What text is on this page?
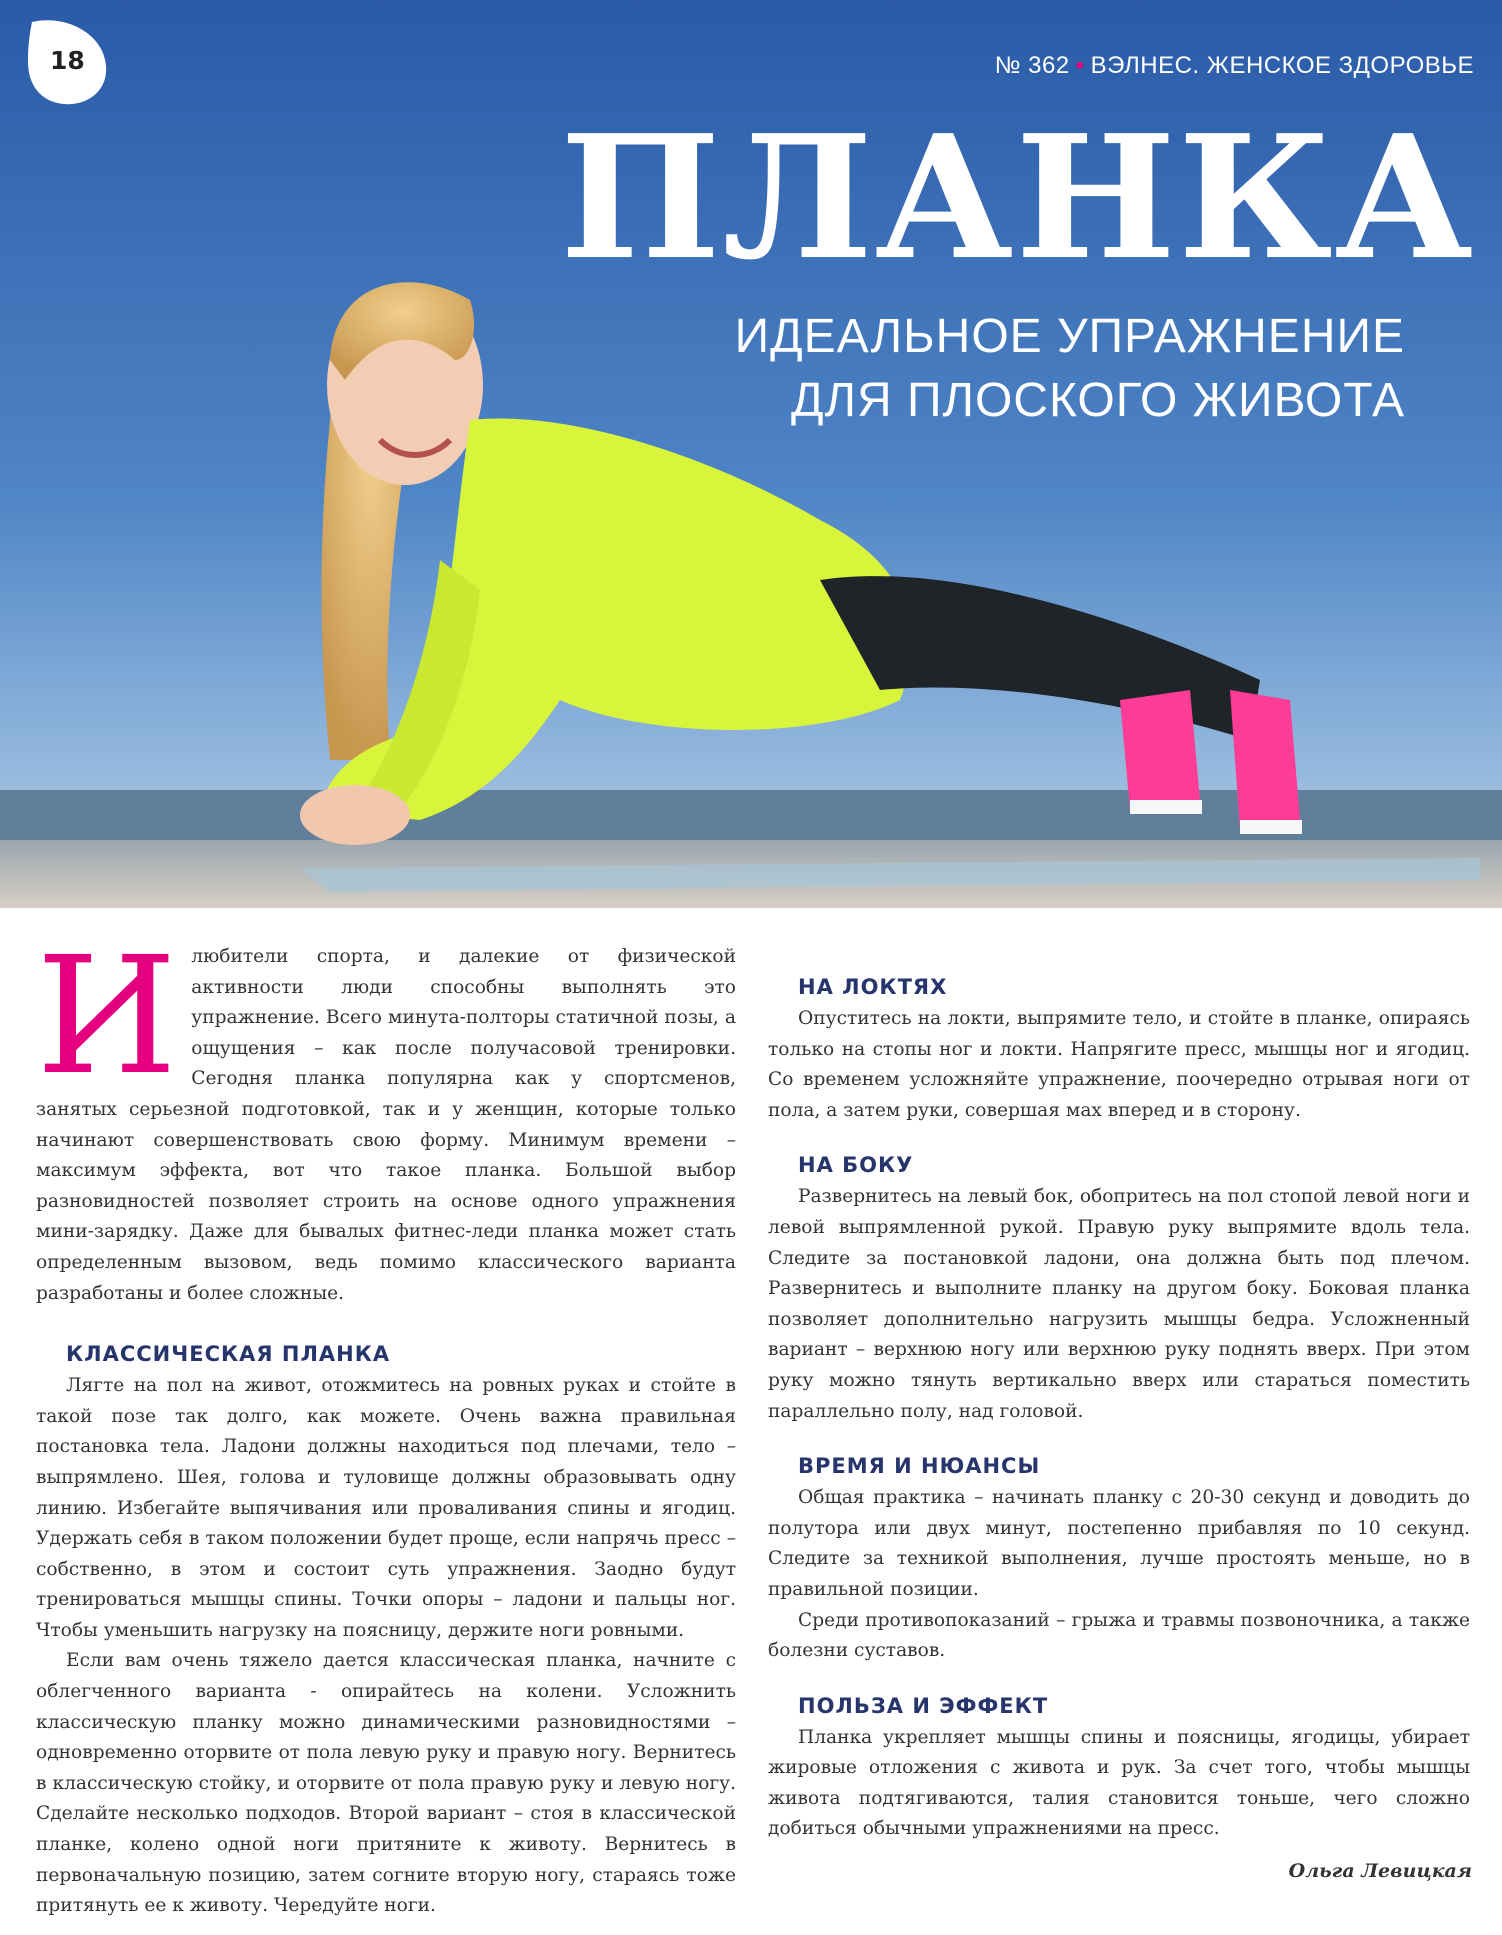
18	№ 362 • ВЭЛНЕС. ЖЕНСКОЕ ЗДОРОВЬЕ
ПЛАНКА
ИДЕАЛЬНОЕ УПРАЖНЕНИЕ
ДЛЯ ПЛОСКОГО ЖИВОТА
И любители спорта, и далекие от физической активности люди способны выполнять это упражнение. Всего минута-полторы статичной позы, а ощущения – как после получасовой тренировки. Сегодня планка популярна как у спортсменов, занятых серьезной подготовкой, так и у женщин, которые только начинают совершенствовать свою форму. Минимум времени – максимум эффекта, вот что такое планка. Большой выбор разновидностей позволяет строить на основе одного упражнения мини-зарядку. Даже для бывалых фитнес-леди планка может стать определенным вызовом, ведь помимо классического варианта разработаны и более сложные.

КЛАССИЧЕСКАЯ ПЛАНКА

Лягте на пол на живот, отожмитесь на ровных руках и стойте в такой позе так долго, как можете. Очень важна правильная постановка тела. Ладони должны находиться под плечами, тело – выпрямлено. Шея, голова и туловище должны образовывать одну линию. Избегайте выпячивания или проваливания спины и ягодиц. Удержать себя в таком положении будет проще, если напрячь пресс – собственно, в этом и состоит суть упражнения. Заодно будут тренироваться мышцы спины. Точки опоры – ладони и пальцы ног. Чтобы уменьшить нагрузку на поясницу, держите ноги ровными.

Если вам очень тяжело дается классическая планка, начните с облегченного варианта - опирайтесь на колени. Усложнить классическую планку можно динамическими разновидностями – одновременно оторвите от пола левую руку и правую ногу. Вернитесь в классическую стойку, и оторвите от пола правую руку и левую ногу. Сделайте несколько подходов. Второй вариант – стоя в классической планке, колено одной ноги притяните к животу. Вернитесь в первоначальную позицию, затем согните вторую ногу, стараясь тоже притянуть ее к животу. Чередуйте ноги.

НА ЛОКТЯХ

Опуститесь на локти, выпрямите тело, и стойте в планке, опираясь только на стопы ног и локти. Напрягите пресс, мышцы ног и ягодиц. Со временем усложняйте упражнение, поочередно отрывая ноги от пола, а затем руки, совершая мах вперед и в сторону.

НА БОКУ

Развернитесь на левый бок, обопритесь на пол стопой левой ноги и левой выпрямленной рукой. Правую руку выпрямите вдоль тела. Следите за постановкой ладони, она должна быть под плечом. Развернитесь и выполните планку на другом боку. Боковая планка позволяет дополнительно нагрузить мышцы бедра. Усложненный вариант – верхнюю ногу или верхнюю руку поднять вверх. При этом руку можно тянуть вертикально вверх или стараться поместить параллельно полу, над головой.

ВРЕМЯ И НЮАНСЫ

Общая практика – начинать планку с 20-30 секунд и доводить до полутора или двух минут, постепенно прибавляя по 10 секунд. Следите за техникой выполнения, лучше простоять меньше, но в правильной позиции.

Среди противопоказаний – грыжа и травмы позвоночника, а также болезни суставов.

ПОЛЬЗА И ЭФФЕКТ

Планка укрепляет мышцы спины и поясницы, ягодицы, убирает жировые отложения с живота и рук. За счет того, чтобы мышцы живота подтягиваются, талия становится тоньше, чего сложно добиться обычными упражнениями на пресс.

Ольга Левицкая
